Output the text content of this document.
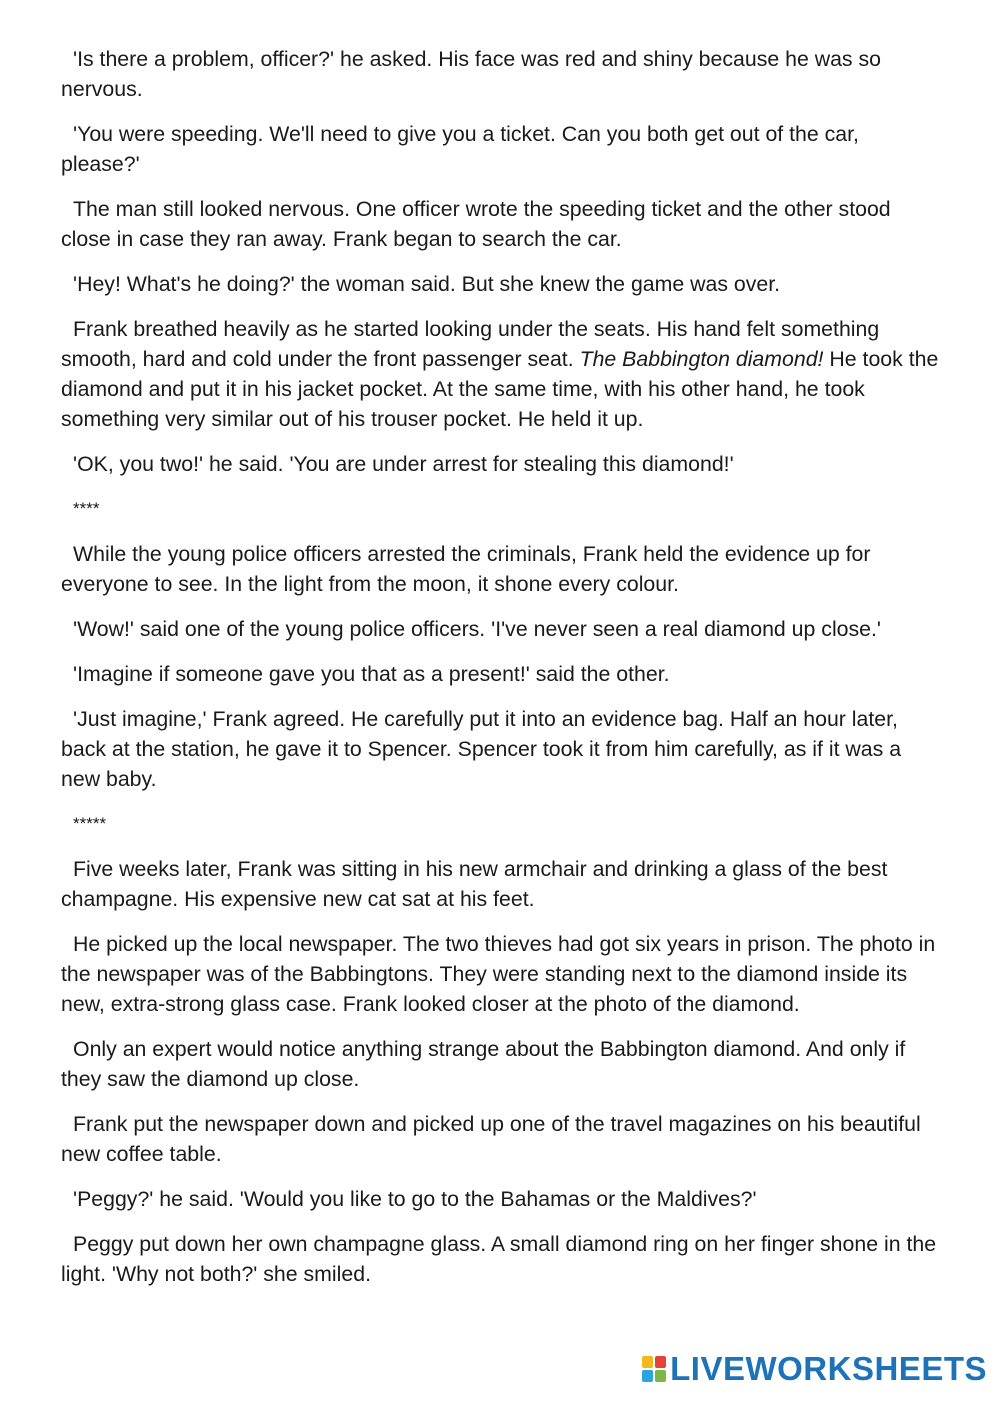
'Is there a problem, officer?' he asked. His face was red and shiny because he was so nervous.

'You were speeding. We'll need to give you a ticket. Can you both get out of the car, please?'

The man still looked nervous. One officer wrote the speeding ticket and the other stood close in case they ran away. Frank began to search the car.

'Hey! What's he doing?' the woman said. But she knew the game was over.

Frank breathed heavily as he started looking under the seats. His hand felt something smooth, hard and cold under the front passenger seat. The Babbington diamond! He took the diamond and put it in his jacket pocket. At the same time, with his other hand, he took something very similar out of his trouser pocket. He held it up.

'OK, you two!' he said. 'You are under arrest for stealing this diamond!'

****

While the young police officers arrested the criminals, Frank held the evidence up for everyone to see. In the light from the moon, it shone every colour.

'Wow!' said one of the young police officers. 'I've never seen a real diamond up close.'

'Imagine if someone gave you that as a present!' said the other.

'Just imagine,' Frank agreed. He carefully put it into an evidence bag. Half an hour later, back at the station, he gave it to Spencer. Spencer took it from him carefully, as if it was a new baby.

*****

Five weeks later, Frank was sitting in his new armchair and drinking a glass of the best champagne. His expensive new cat sat at his feet.

He picked up the local newspaper. The two thieves had got six years in prison. The photo in the newspaper was of the Babbingtons. They were standing next to the diamond inside its new, extra-strong glass case. Frank looked closer at the photo of the diamond.

Only an expert would notice anything strange about the Babbington diamond. And only if they saw the diamond up close.

Frank put the newspaper down and picked up one of the travel magazines on his beautiful new coffee table.

'Peggy?' he said. 'Would you like to go to the Bahamas or the Maldives?'

Peggy put down her own champagne glass. A small diamond ring on her finger shone in the light. 'Why not both?' she smiled.

LIVEWORKSHEETS
